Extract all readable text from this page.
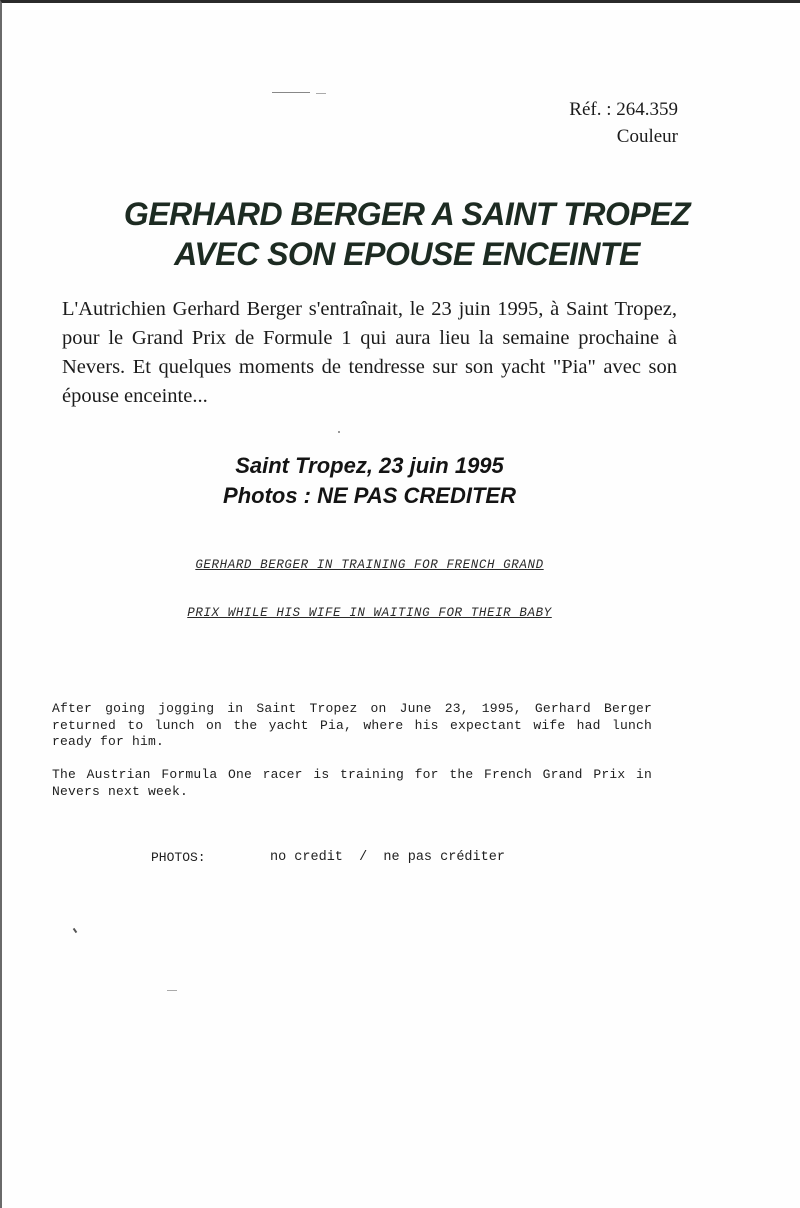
Réf. : 264.359
Couleur
GERHARD BERGER A SAINT TROPEZ
AVEC SON EPOUSE ENCEINTE
L'Autrichien Gerhard Berger s'entraînait, le 23 juin 1995, à Saint Tropez, pour le Grand Prix de Formule 1 qui aura lieu la semaine prochaine à Nevers. Et quelques moments de tendresse sur son yacht "Pia" avec son épouse enceinte...
Saint Tropez, 23 juin 1995
Photos : NE PAS CREDITER
GERHARD BERGER IN TRAINING FOR FRENCH GRAND
PRIX WHILE HIS WIFE IN WAITING FOR THEIR BABY
After going jogging in Saint Tropez on June 23, 1995, Gerhard Berger returned to lunch on the yacht Pia, where his expectant wife had lunch ready for him.
The Austrian Formula One racer is training for the French Grand Prix in Nevers next week.
PHOTOS:	no credit  /  ne pas créditer
